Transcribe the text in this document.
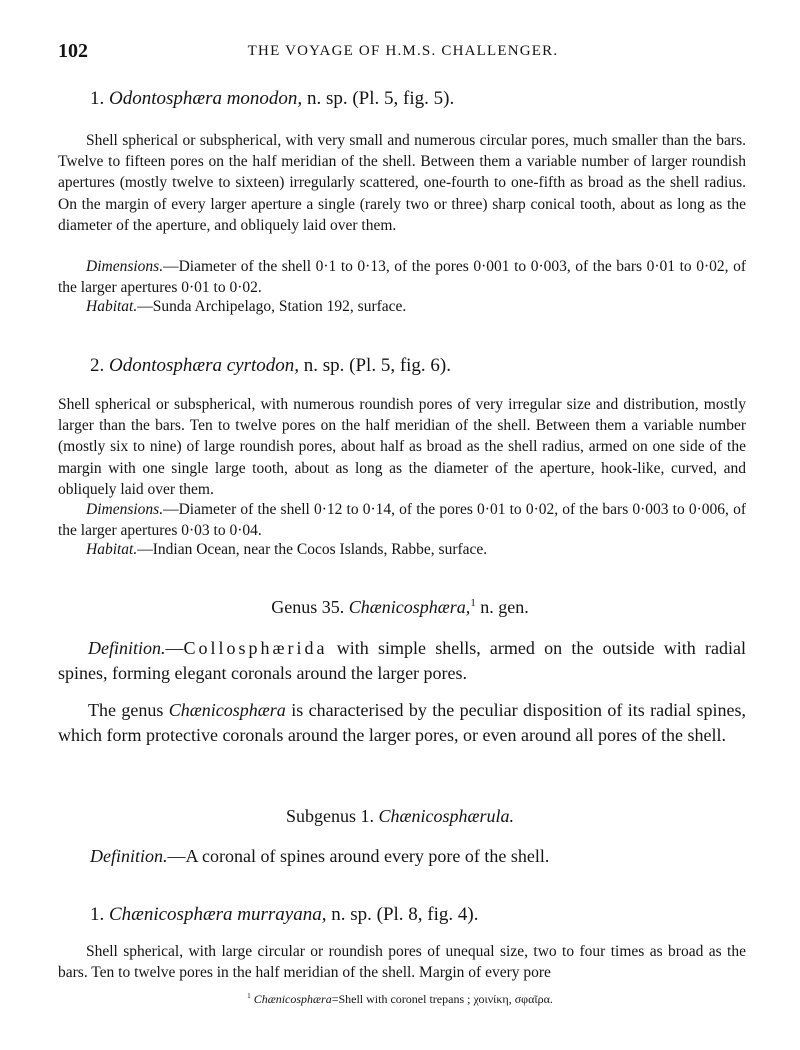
102	THE VOYAGE OF H.M.S. CHALLENGER.
1. Odontosphæra monodon, n. sp. (Pl. 5, fig. 5).

Shell spherical or subspherical, with very small and numerous circular pores, much smaller than the bars. Twelve to fifteen pores on the half meridian of the shell. Between them a variable number of larger roundish apertures (mostly twelve to sixteen) irregularly scattered, one-fourth to one-fifth as broad as the shell radius. On the margin of every larger aperture a single (rarely two or three) sharp conical tooth, about as long as the diameter of the aperture, and obliquely laid over them.

Dimensions.—Diameter of the shell 0·1 to 0·13, of the pores 0·001 to 0·003, of the bars 0·01 to 0·02, of the larger apertures 0·01 to 0·02.

Habitat.—Sunda Archipelago, Station 192, surface.
2. Odontosphæra cyrtodon, n. sp. (Pl. 5, fig. 6).

Shell spherical or subspherical, with numerous roundish pores of very irregular size and distribution, mostly larger than the bars. Ten to twelve pores on the half meridian of the shell. Between them a variable number (mostly six to nine) of large roundish pores, about half as broad as the shell radius, armed on one side of the margin with one single large tooth, about as long as the diameter of the aperture, hook-like, curved, and obliquely laid over them.

Dimensions.—Diameter of the shell 0·12 to 0·14, of the pores 0·01 to 0·02, of the bars 0·003 to 0·006, of the larger apertures 0·03 to 0·04.

Habitat.—Indian Ocean, near the Cocos Islands, Rabbe, surface.
Genus 35. Chænicosphæra,$^1$ n. gen.

Definition.—Collosphærida with simple shells, armed on the outside with radial spines, forming elegant coronals around the larger pores.

The genus Chænicosphæra is characterised by the peculiar disposition of its radial spines, which form protective coronals around the larger pores, or even around all pores of the shell.

Subgenus 1. Chænicosphærula.
Definition.—A coronal of spines around every pore of the shell.
1. Chænicosphæra murrayana, n. sp. (Pl. 8, fig. 4).

Shell spherical, with large circular or roundish pores of unequal size, two to four times as broad as the bars. Ten to twelve pores in the half meridian of the shell. Margin of every pore

$^1$ Chænicosphæra=Shell with coronel trepans ; χοινίκη, σφαῖρα.
